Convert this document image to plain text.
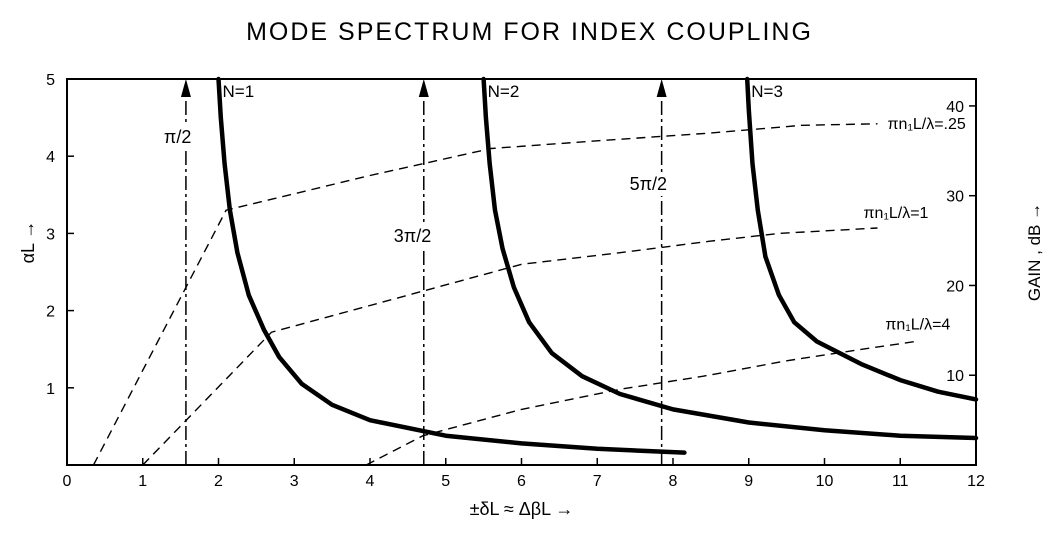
MODE SPECTRUM FOR INDEX COUPLING
0	1	2	3	4	5	6	7	8	9	10	11	12
1
2
3
4
5
10
20
30
40
π/2
3π/2
5π/2
πn₁L/λ=.25
πn₁L/λ=1
πn₁L/λ=4
N=1	N=2	N=3
±δL ≈ ΔβL →
αL →	GAIN , dB →
